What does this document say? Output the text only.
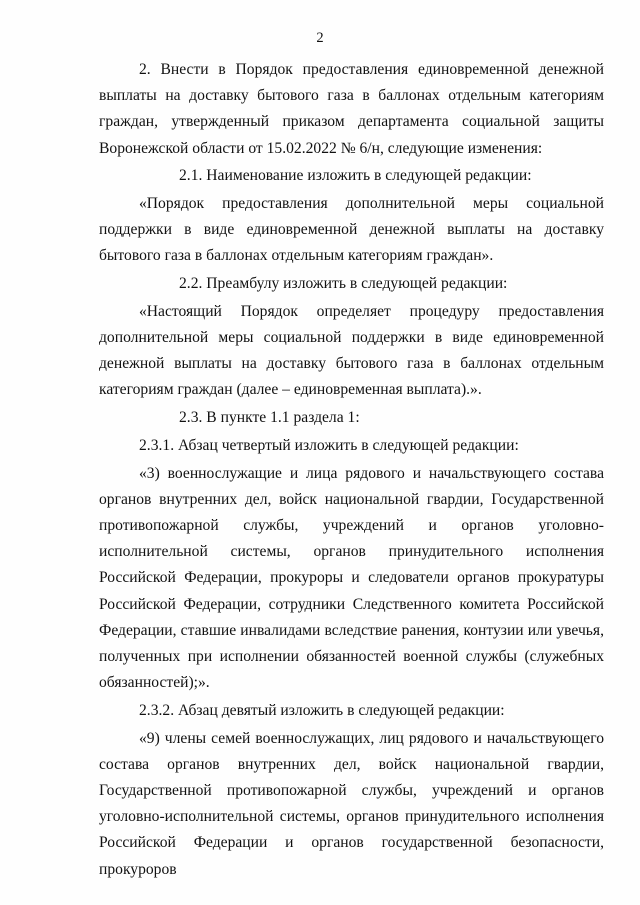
2

2. Внести в Порядок предоставления единовременной денежной выплаты на доставку бытового газа в баллонах отдельным категориям граждан, утвержденный приказом департамента социальной защиты Воронежской области от 15.02.2022 № 6/н, следующие изменения:

2.1. Наименование изложить в следующей редакции:

«Порядок предоставления дополнительной меры социальной поддержки в виде единовременной денежной выплаты на доставку бытового газа в баллонах отдельным категориям граждан».

2.2. Преамбулу изложить в следующей редакции:

«Настоящий Порядок определяет процедуру предоставления дополнительной меры социальной поддержки в виде единовременной денежной выплаты на доставку бытового газа в баллонах отдельным категориям граждан (далее – единовременная выплата).».

2.3. В пункте 1.1 раздела 1:

2.3.1. Абзац четвертый изложить в следующей редакции:

«3) военнослужащие и лица рядового и начальствующего состава органов внутренних дел, войск национальной гвардии, Государственной противопожарной службы, учреждений и органов уголовно-исполнительной системы, органов принудительного исполнения Российской Федерации, прокуроры и следователи органов прокуратуры Российской Федерации, сотрудники Следственного комитета Российской Федерации, ставшие инвалидами вследствие ранения, контузии или увечья, полученных при исполнении обязанностей военной службы (служебных обязанностей);».

2.3.2. Абзац девятый изложить в следующей редакции:

«9) члены семей военнослужащих, лиц рядового и начальствующего состава органов внутренних дел, войск национальной гвардии, Государственной противопожарной службы, учреждений и органов уголовно-исполнительной системы, органов принудительного исполнения Российской Федерации и органов государственной безопасности, прокуроров
